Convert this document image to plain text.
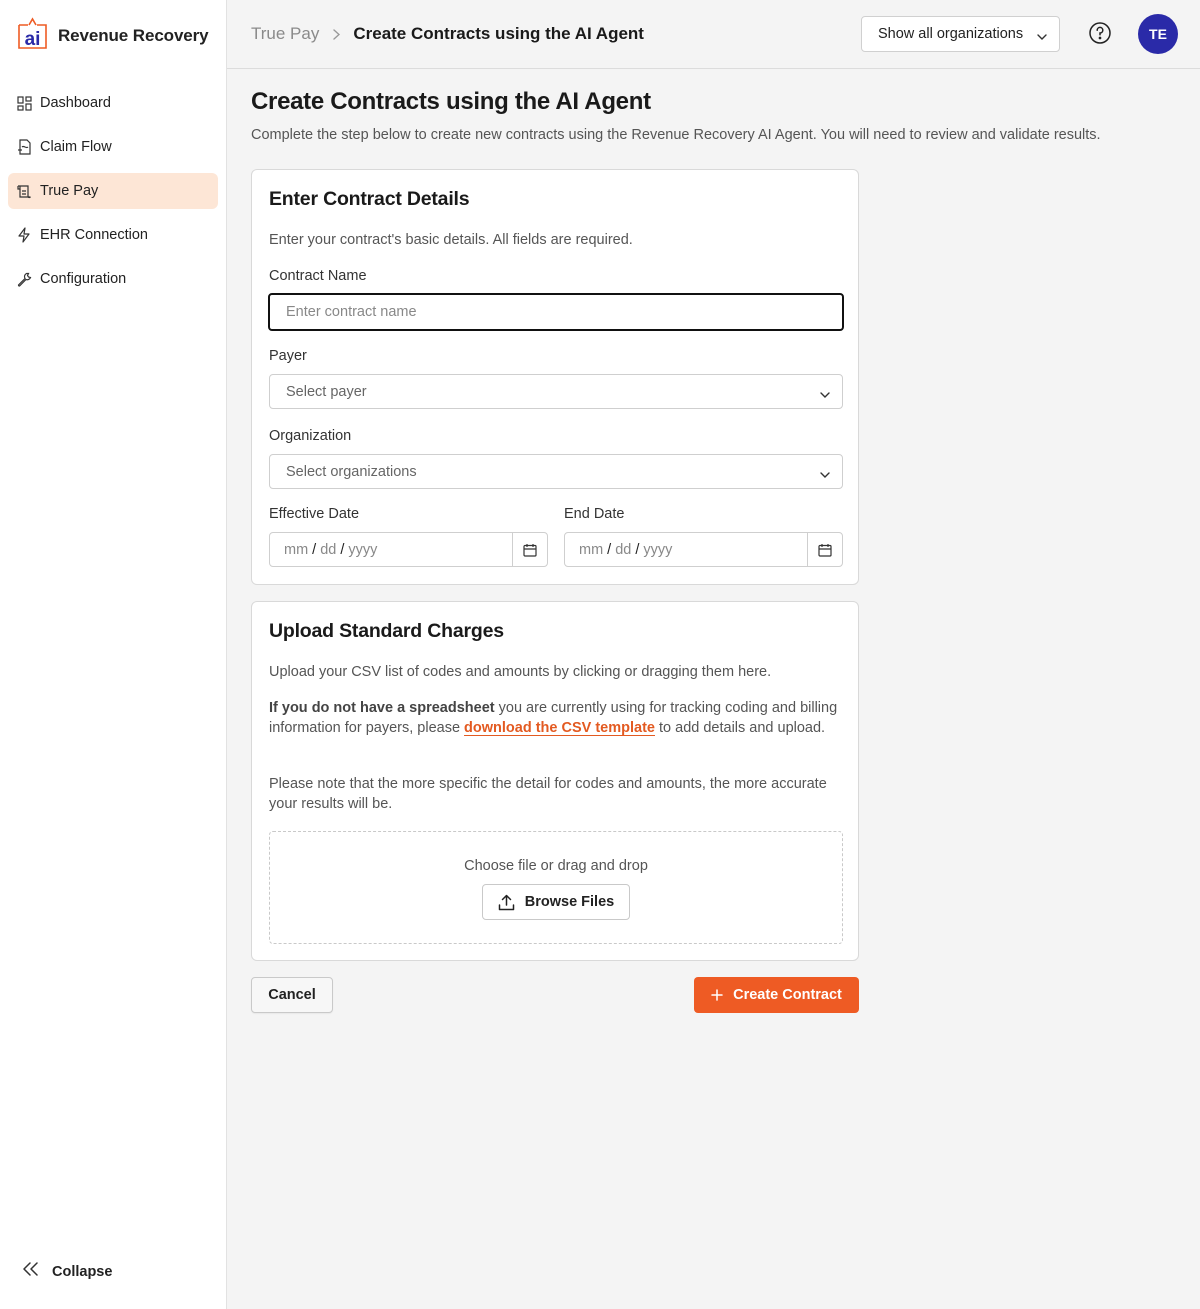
ai Revenue Recovery
Dashboard
Claim Flow
True Pay
EHR Connection
Configuration
Collapse
True Pay Create Contracts using the AI Agent	Show all organizations	TE
Create Contracts using the AI Agent

Complete the step below to create new contracts using the Revenue Recovery AI Agent. You will need to review and validate results.

Enter Contract Details

Enter your contract's basic details. All fields are required.

Contract Name
Enter contract name
Payer
Select payer
Organization
Select organizations
Effective Date
mm / dd / yyyy
End Date
mm / dd / yyyy
Upload Standard Charges

Upload your CSV list of codes and amounts by clicking or dragging them here.

If you do not have a spreadsheet you are currently using for tracking coding and billing information for payers, please download the CSV template to add details and upload.

Please note that the more specific the detail for codes and amounts, the more accurate your results will be.

Choose file or drag and drop
Browse Files
Cancel	Create Contract
